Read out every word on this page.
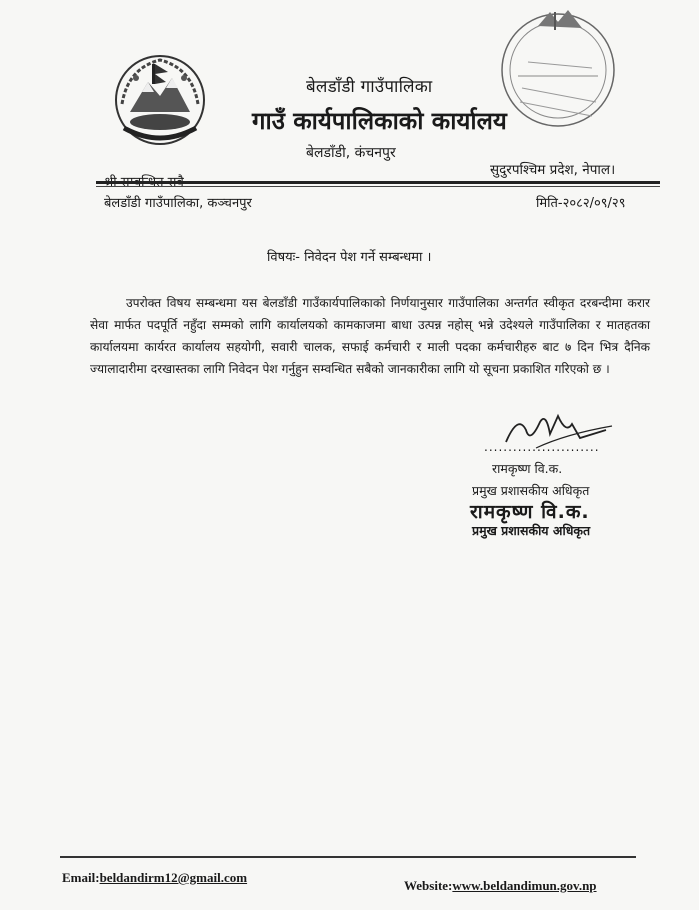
बेलडाँडी गाउँपालिका
गाउँ कार्यपालिकाको कार्यालय
बेलडाँडी, कंचनपुर
सुदुरपश्चिम प्रदेश, नेपाल।
बेलडाँडी गाउँपालिका, कञ्चनपुर	मिति-२०८२/०९/२९
विषयः- निवेदन पेश गर्ने सम्बन्धमा ।
उपरोक्त विषय सम्बन्धमा यस बेलडाँडी गाउँकार्यपालिकाको निर्णयानुसार गाउँपालिका अन्तर्गत स्वीकृत दरबन्दीमा करार सेवा मार्फत पदपूर्ति नहुँदा सम्मको लागि कार्यालयको कामकाजमा बाधा उत्पन्न नहोस् भन्ने उदेश्यले गाउँपालिका र मातहतका कार्यालयमा कार्यरत कार्यालय सहयोगी, सवारी चालक, सफाई कर्मचारी र माली पदका कर्मचारीहरु बाट ७ दिन भित्र दैनिक ज्यालादारीमा दरखास्तका लागि निवेदन पेश गर्नुहुन सम्वन्धित सबैको जानकारीका लागि यो सूचना प्रकाशित गरिएको छ ।
........................
रामकृष्ण वि.क.
प्रमुख प्रशासकीय अधिकृत
रामकृष्ण वि.क.
प्रमुख प्रशासकीय अधिकृत
Email:beldandirm12@gmail.com
Website:www.beldandimun.gov.np
